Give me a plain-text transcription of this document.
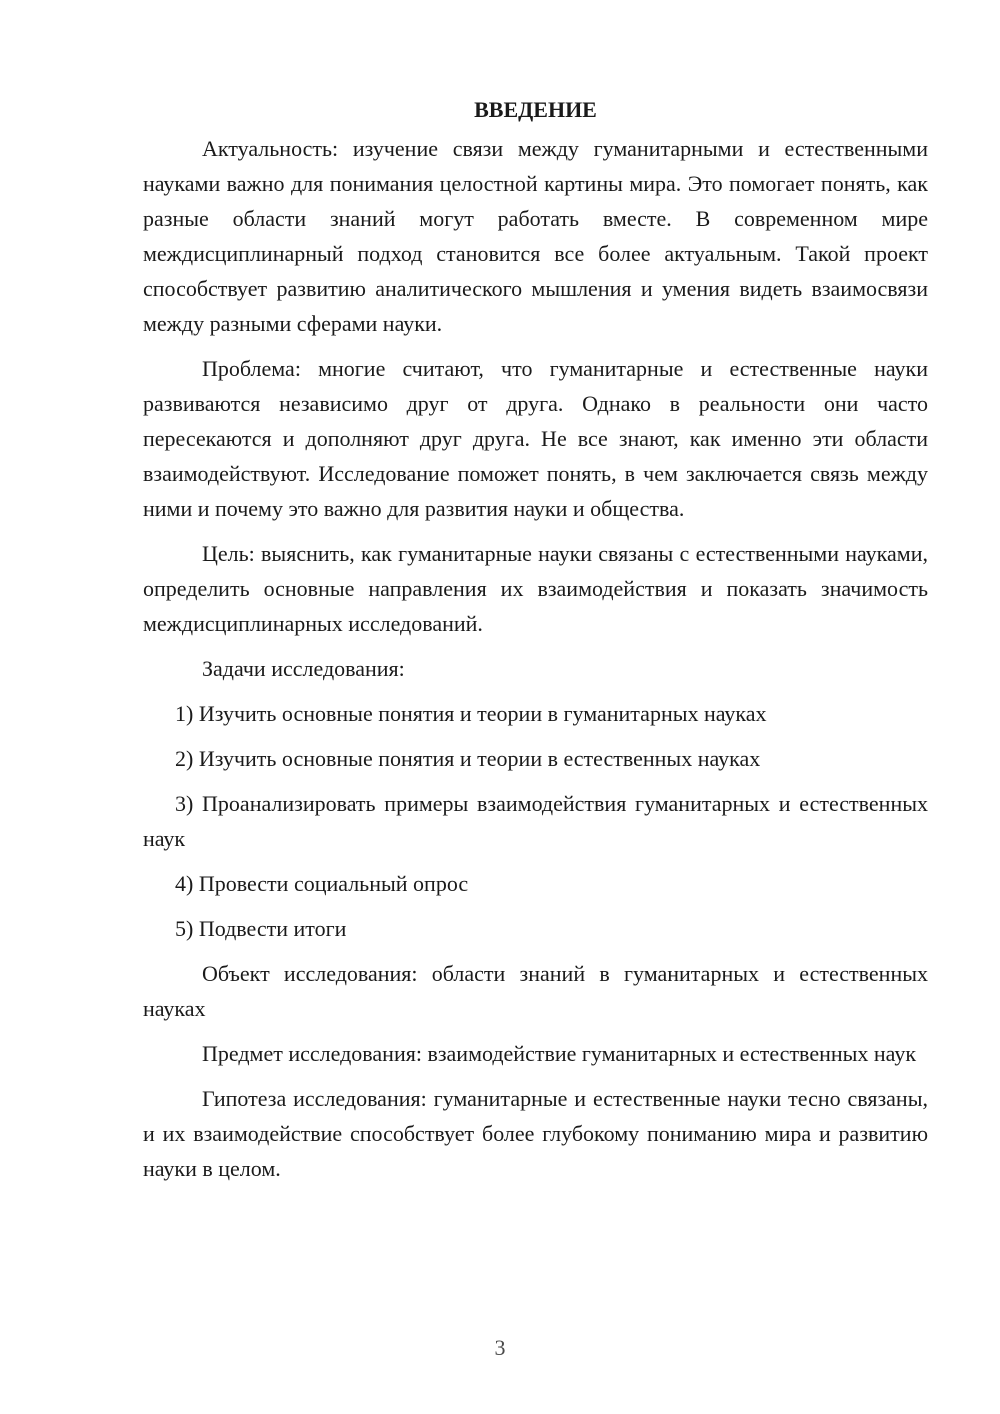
ВВЕДЕНИЕ

Актуальность: изучение связи между гуманитарными и естественными науками важно для понимания целостной картины мира. Это помогает понять, как разные области знаний могут работать вместе. В современном мире междисциплинарный подход становится все более актуальным. Такой проект способствует развитию аналитического мышления и умения видеть взаимосвязи между разными сферами науки.

Проблема: многие считают, что гуманитарные и естественные науки развиваются независимо друг от друга. Однако в реальности они часто пересекаются и дополняют друг друга. Не все знают, как именно эти области взаимодействуют. Исследование поможет понять, в чем заключается связь между ними и почему это важно для развития науки и общества.

Цель: выяснить, как гуманитарные науки связаны с естественными науками, определить основные направления их взаимодействия и показать значимость междисциплинарных исследований.

Задачи исследования:

1) Изучить основные понятия и теории в гуманитарных науках

2) Изучить основные понятия и теории в естественных науках

3) Проанализировать примеры взаимодействия гуманитарных и естественных наук

4) Провести социальный опрос

5) Подвести итоги

Объект исследования: области знаний в гуманитарных и естественных науках

Предмет исследования: взаимодействие гуманитарных и естественных наук

Гипотеза исследования: гуманитарные и естественные науки тесно связаны, и их взаимодействие способствует более глубокому пониманию мира и развитию науки в целом.

3
